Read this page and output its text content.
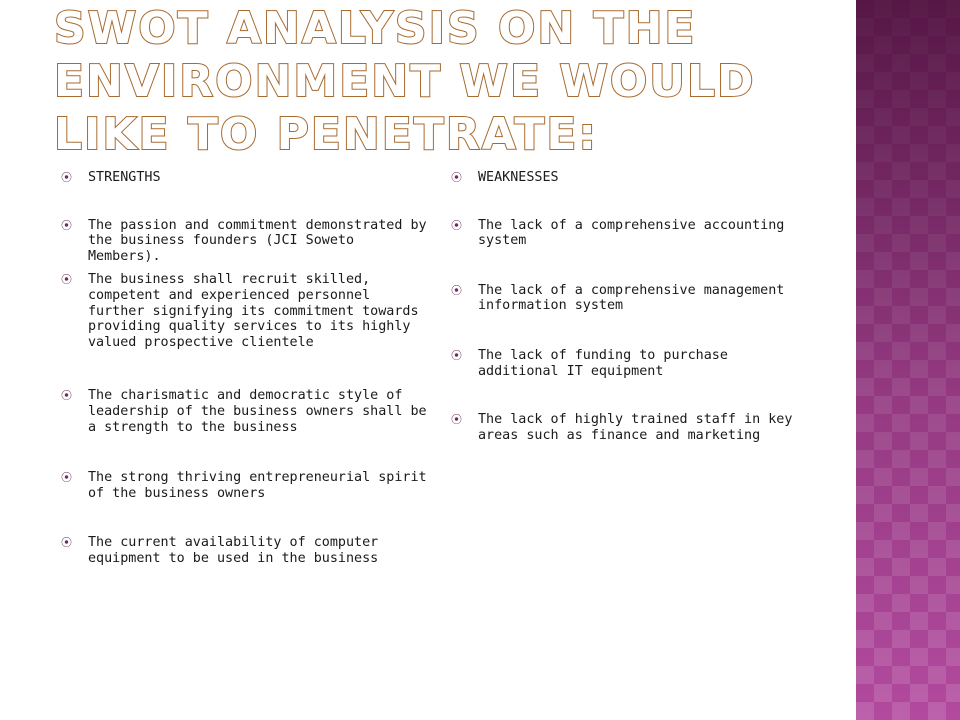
SWOT ANALYSIS ON THE ENVIRONMENT WE WOULD LIKE TO PENETRATE:
⦿ STRENGTHS
⦿ The passion and commitment demonstrated by the business founders (JCI Soweto Members).
⦿ The business shall recruit skilled, competent and experienced personnel further signifying its commitment towards providing quality services to its highly valued prospective clientele
⦿ The charismatic and democratic style of leadership of the business owners shall be a strength to the business
⦿ The strong thriving entrepreneurial spirit of the business owners
⦿ The current availability of computer equipment to be used in the business
⦿ WEAKNESSES
⦿ The lack of a comprehensive accounting system
⦿ The lack of a comprehensive management information system
⦿ The lack of funding to purchase additional IT equipment
⦿ The lack of highly trained staff in key areas such as finance and marketing
